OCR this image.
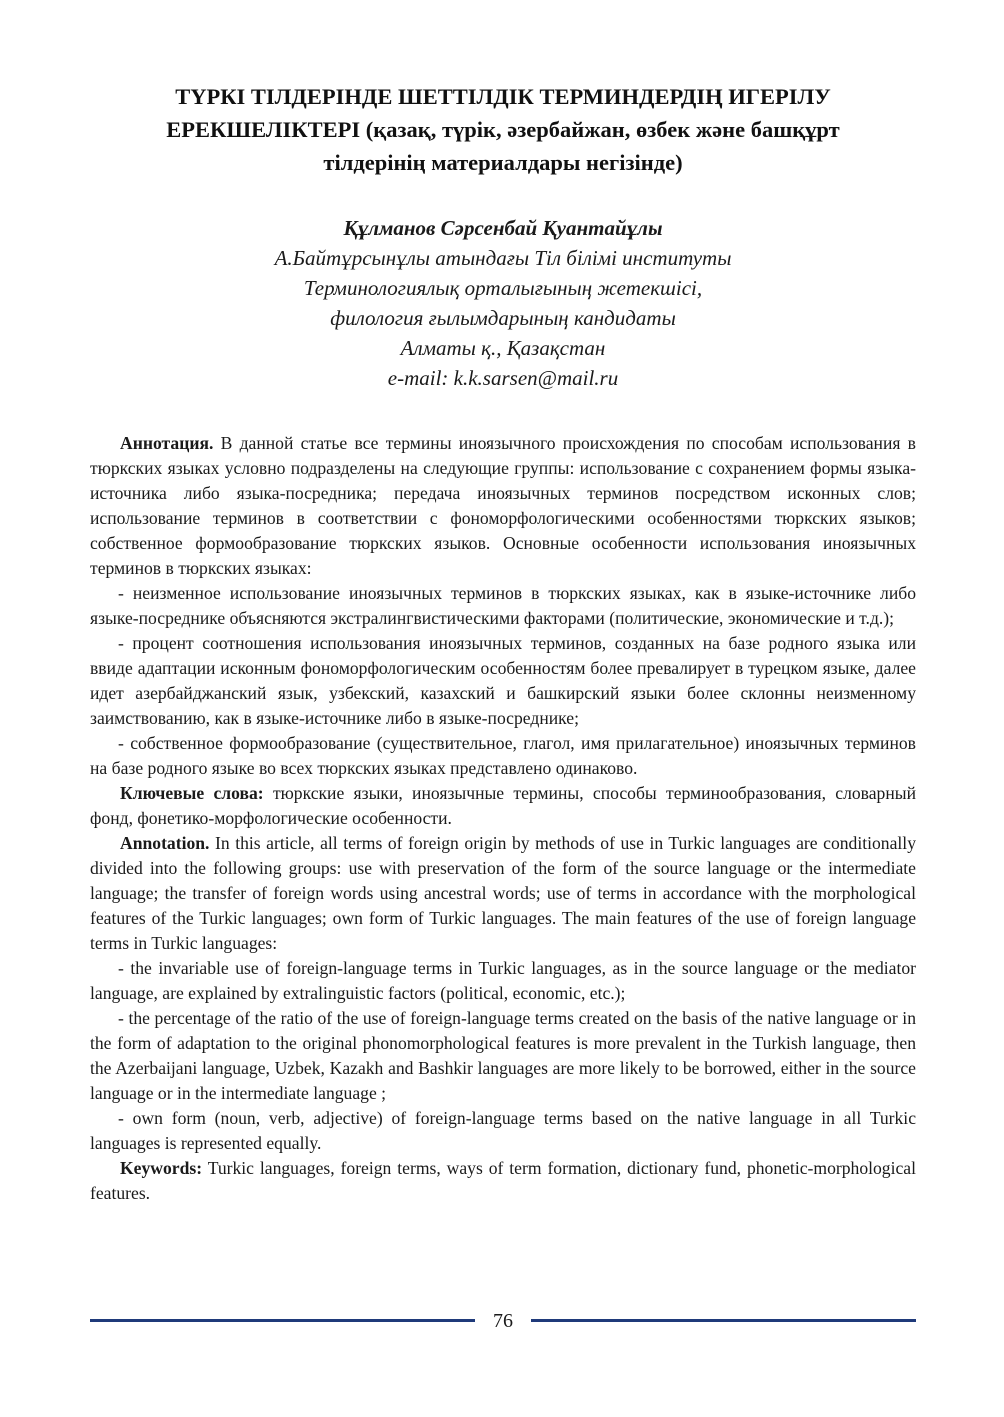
ТҮРКІ ТІЛДЕРІНДЕ ШЕТТІЛДІК ТЕРМИНДЕРДІҢ ИГЕРІЛУ
ЕРЕКШЕЛІКТЕРІ (қазақ, түрік, әзербайжан, өзбек және башқұрт
тілдерінің материалдары негізінде)
Құлманов Сәрсенбай Қуантайұлы
А.Байтұрсынұлы атындағы Тіл білімі институты
Терминологиялық орталығының жетекшісі,
филология ғылымдарының кандидаты
Алматы қ., Қазақстан
e-mail: k.k.sarsen@mail.ru

Аннотация. В данной статье все термины иноязычного происхождения по способам использования в тюркских языках условно подразделены на следующие группы: использование с сохранением формы языка-источника либо языка-посредника; передача иноязычных терминов посредством исконных слов; использование терминов в соответствии с фономорфологическими особенностями тюркских языков; собственное формообразование тюркских языков. Основные особенности использования иноязычных терминов в тюркских языках:

- неизменное использование иноязычных терминов в тюркских языках, как в языке-источнике либо языке-посреднике объясняются экстралингвистическими факторами (политические, экономические и т.д.);

- процент соотношения использования иноязычных терминов, созданных на базе родного языка или ввиде адаптации исконным фономорфологическим особенностям более превалирует в турецком языке, далее идет азербайджанский язык, узбекский, казахский и башкирский языки более склонны неизменному заимствованию, как в языке-источнике либо в языке-посреднике;

- собственное формообразование (существительное, глагол, имя прилагательное) иноязычных терминов на базе родного языке во всех тюркских языках представлено одинаково.

Ключевые слова: тюркские языки, иноязычные термины, способы терминообразования, словарный фонд, фонетико-морфологические особенности.

Annotation. In this article, all terms of foreign origin by methods of use in Turkic languages are conditionally divided into the following groups: use with preservation of the form of the source language or the intermediate language; the transfer of foreign words using ancestral words; use of terms in accordance with the morphological features of the Turkic languages; own form of Turkic languages. The main features of the use of foreign language terms in Turkic languages:

- the invariable use of foreign-language terms in Turkic languages, as in the source language or the mediator language, are explained by extralinguistic factors (political, economic, etc.);

- the percentage of the ratio of the use of foreign-language terms created on the basis of the native language or in the form of adaptation to the original phonomorphological features is more prevalent in the Turkish language, then the Azerbaijani language, Uzbek, Kazakh and Bashkir languages are more likely to be borrowed, either in the source language or in the intermediate language ;

- own form (noun, verb, adjective) of foreign-language terms based on the native language in all Turkic languages is represented equally.

Keywords: Turkic languages, foreign terms, ways of term formation, dictionary fund, phonetic-morphological features.

76
